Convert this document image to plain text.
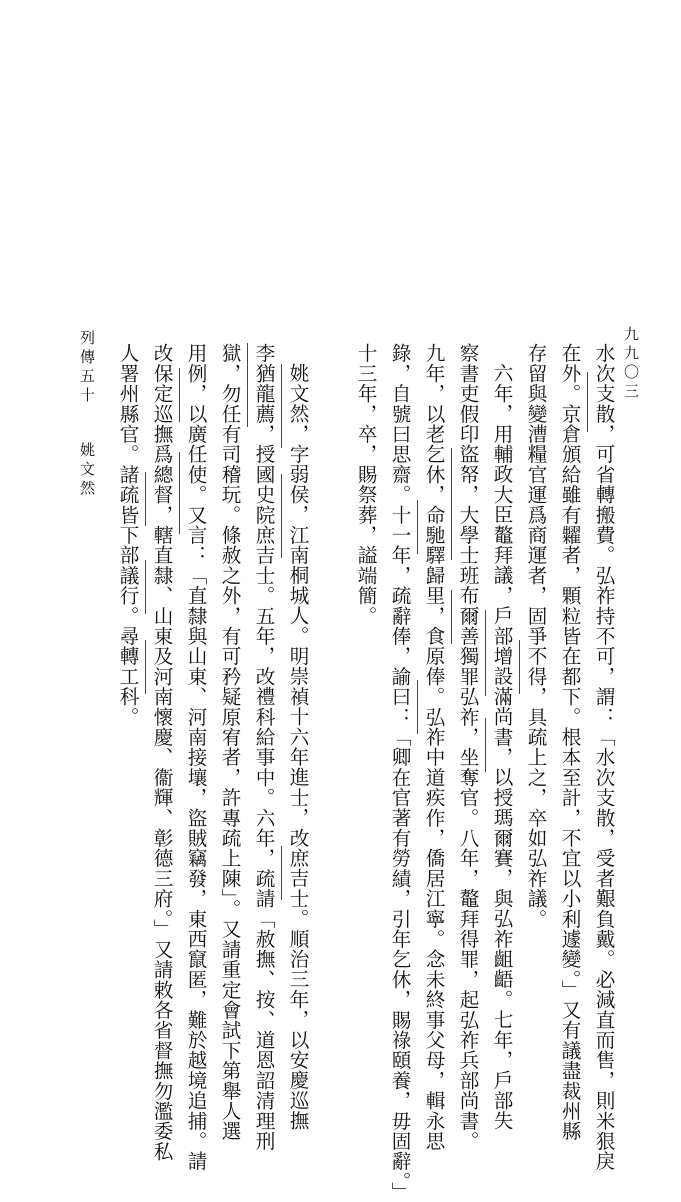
水次支散，可省轉搬費。弘祚持不可，謂：「水次支散，受者艱負戴。必減直而售，則米狠戾
在外。京倉頒給雖有糶者，顆粒皆在都下。根本至計，不宜以小利遽變。」又有議盡裁州縣
存留與變漕糧官運爲商運者，固爭不得，具疏上之，卒如弘祚議。
六年，用輔政大臣鼇拜議，戶部增設滿尚書，以授瑪爾賽，與弘祚齟齬。七年，戶部失
察書吏假印盜帑，大學士班布爾善獨罪弘祚，坐奪官。八年，鼇拜得罪，起弘祚兵部尚書。
九年，以老乞休，命馳驛歸里，食原俸。弘祚中道疾作，僑居江寧。念未終事父母，輯永思
錄，自號曰思齋。十一年，疏辭俸，諭曰：「卿在官著有勞績，引年乞休，賜祿頤養，毋固辭。」
十三年，卒，賜祭葬，謚端簡。
姚文然，字弱侯，江南桐城人。明崇禎十六年進士，改庶吉士。順治三年，以安慶巡撫
李猶龍薦，授國史院庶吉士。五年，改禮科給事中。六年，疏請「赦撫、按、道恩詔清理刑
獄，勿任有司稽玩。條赦之外，有可矜疑原宥者，許專疏上陳」。又請重定會試下第舉人選
用例，以廣任使。又言：「直隸與山東、河南接壤，盜賊竊發，東西竄匿，難於越境追捕。請
改保定巡撫爲總督，轄直隸、山東及河南懷慶、衞輝、彰德三府。」又請敕各省督撫勿濫委私
人署州縣官。諸疏皆下部議行。尋轉工科。	九九〇三
列傳五十
姚文然
